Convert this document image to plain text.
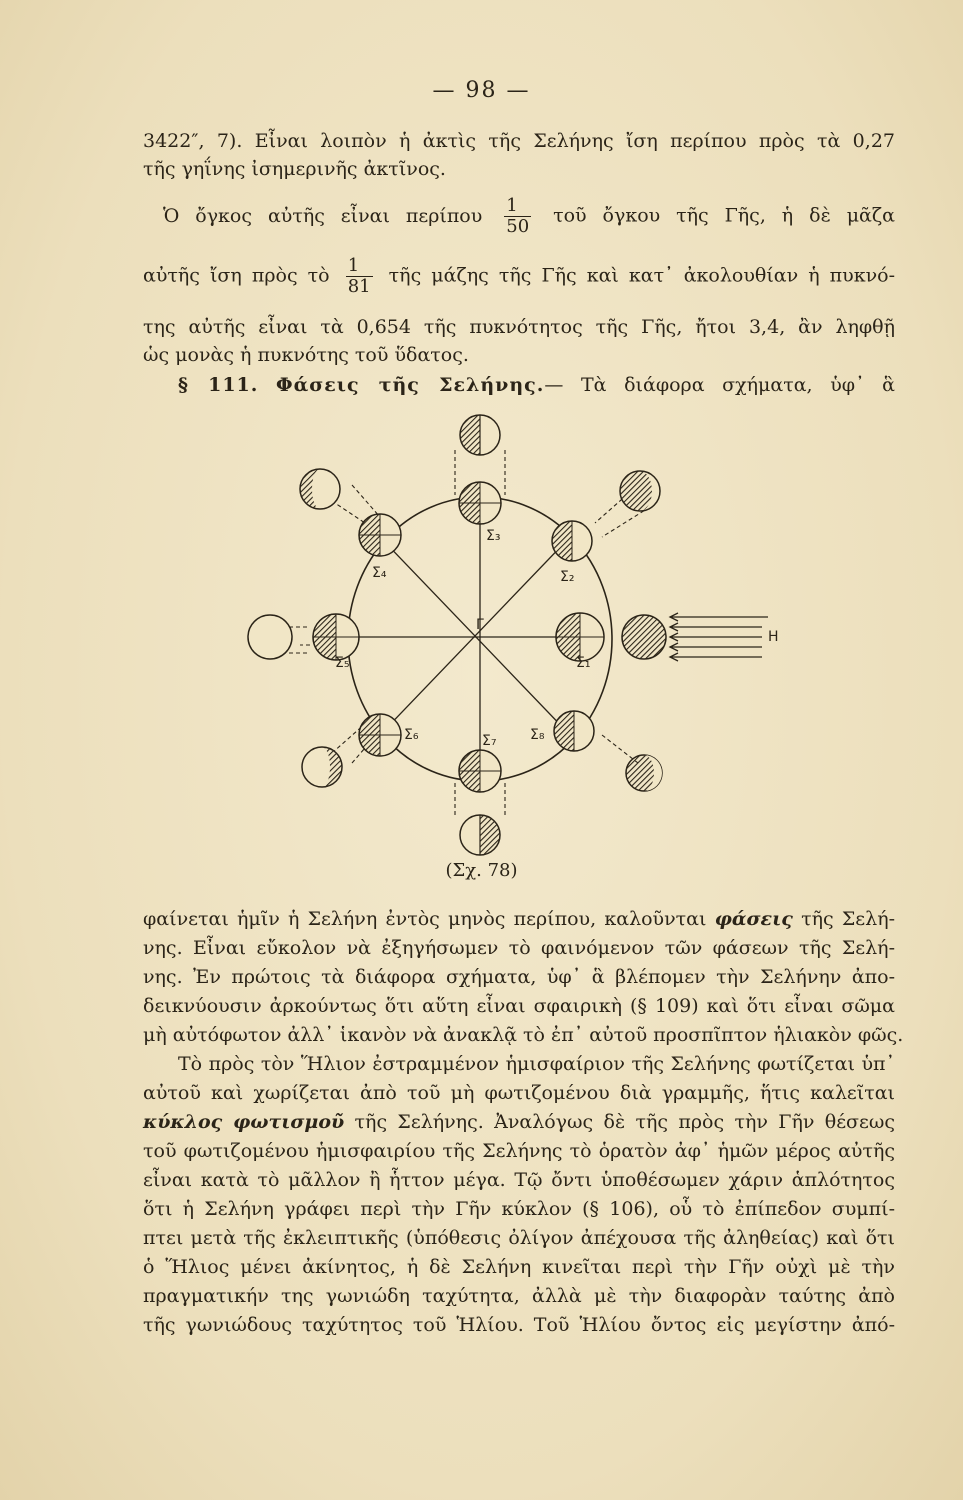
— 98 —
3422″, 7). Εἶναι λοιπὸν ἡ ἀκτὶς τῆς Σελήνης ἴση περίπου πρὸς τὰ 0,27
τῆς γηΐνης ἰσημερινῆς ἀκτῖνος.
Ὁ ὄγκος αὐτῆς εἶναι περίπου $\frac{1}{50}$ τοῦ ὄγκου τῆς Γῆς, ἡ δὲ μᾶζα
αὐτῆς ἴση πρὸς τὸ $\frac{1}{81}$ τῆς μάζης τῆς Γῆς καὶ κατ᾽ ἀκολουθίαν ἡ πυκνό-
της αὐτῆς εἶναι τὰ 0,654 τῆς πυκνότητος τῆς Γῆς, ἤτοι 3,4, ἂν ληφθῇ
ὡς μονὰς ἡ πυκνότης τοῦ ὕδατος.
§ 111. Φάσεις τῆς Σελήνης.— Τὰ διάφορα σχήματα, ὑφ᾽ ἃ
Σ₃
Σ₄	Σ₂
Γ
Η
Σ₅	Σ₁
Σ₆	Σ₇ Σ₈
(Σχ. 78)
φαίνεται ἡμῖν ἡ Σελήνη ἐντὸς μηνὸς περίπου, καλοῦνται φάσεις τῆς Σελή-
νης. Εἶναι εὔκολον νὰ ἐξηγήσωμεν τὸ φαινόμενον τῶν φάσεων τῆς Σελή-
νης. Ἐν πρώτοις τὰ διάφορα σχήματα, ὑφ᾽ ἃ βλέπομεν τὴν Σελήνην ἀπο-
δεικνύουσιν ἀρκούντως ὅτι αὕτη εἶναι σφαιρικὴ (§ 109) καὶ ὅτι εἶναι σῶμα
μὴ αὐτόφωτον ἀλλ᾽ ἱκανὸν νὰ ἀνακλᾷ τὸ ἐπ᾽ αὐτοῦ προσπῖπτον ἡλιακὸν φῶς.
Τὸ πρὸς τὸν Ἥλιον ἐστραμμένον ἡμισφαίριον τῆς Σελήνης φωτίζεται ὑπ᾽
αὐτοῦ καὶ χωρίζεται ἀπὸ τοῦ μὴ φωτιζομένου διὰ γραμμῆς, ἥτις καλεῖται
κύκλος φωτισμοῦ τῆς Σελήνης. Ἀναλόγως δὲ τῆς πρὸς τὴν Γῆν θέσεως
τοῦ φωτιζομένου ἡμισφαιρίου τῆς Σελήνης τὸ ὁρατὸν ἀφ᾽ ἡμῶν μέρος αὐτῆς
εἶναι κατὰ τὸ μᾶλλον ἢ ἧττον μέγα. Τῷ ὄντι ὑποθέσωμεν χάριν ἁπλότητος
ὅτι ἡ Σελήνη γράφει περὶ τὴν Γῆν κύκλον (§ 106), οὗ τὸ ἐπίπεδον συμπί-
πτει μετὰ τῆς ἐκλειπτικῆς (ὑπόθεσις ὀλίγον ἀπέχουσα τῆς ἀληθείας) καὶ ὅτι
ὁ Ἥλιος μένει ἀκίνητος, ἡ δὲ Σελήνη κινεῖται περὶ τὴν Γῆν οὐχὶ μὲ τὴν
πραγματικήν της γωνιώδη ταχύτητα, ἀλλὰ μὲ τὴν διαφορὰν ταύτης ἀπὸ
τῆς γωνιώδους ταχύτητος τοῦ Ἡλίου. Τοῦ Ἡλίου ὄντος εἰς μεγίστην ἀπό-
